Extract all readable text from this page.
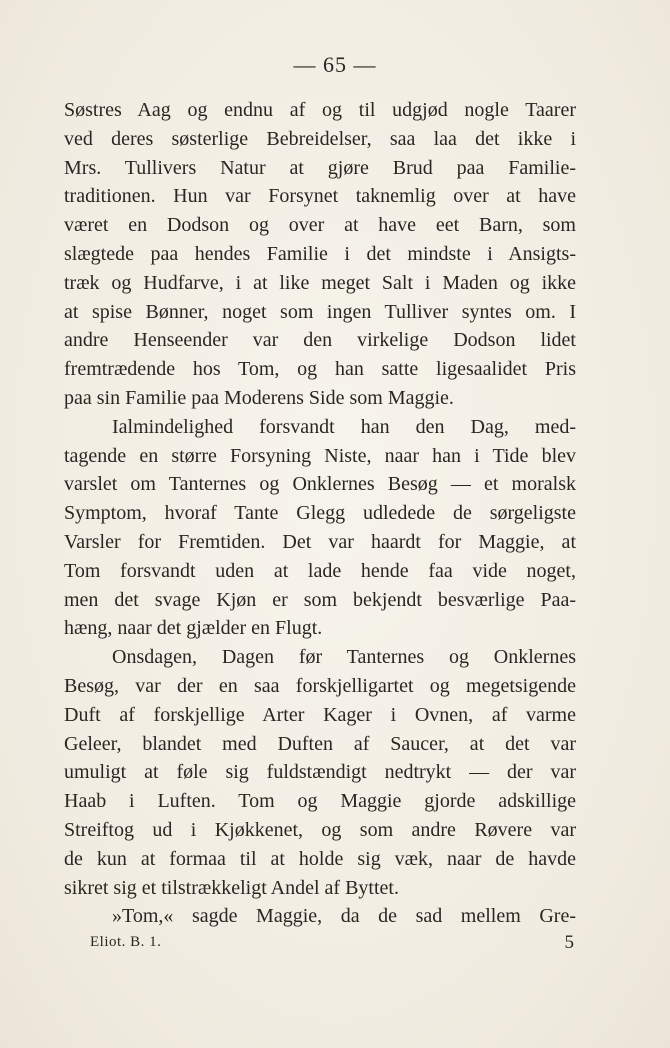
— 65 —
Søstres Aag og endnu af og til udgjød nogle Taarer
ved deres søsterlige Bebreidelser, saa laa det ikke i
Mrs. Tullivers Natur at gjøre Brud paa Familie-
traditionen. Hun var Forsynet taknemlig over at have
været en Dodson og over at have eet Barn, som
slægtede paa hendes Familie i det mindste i Ansigts-
træk og Hudfarve, i at like meget Salt i Maden og ikke
at spise Bønner, noget som ingen Tulliver syntes om. I
andre Henseender var den virkelige Dodson lidet
fremtrædende hos Tom, og han satte ligesaalidet Pris
paa sin Familie paa Moderens Side som Maggie.
Ialmindelighed forsvandt han den Dag, med-
tagende en større Forsyning Niste, naar han i Tide blev
varslet om Tanternes og Onklernes Besøg — et moralsk
Symptom, hvoraf Tante Glegg udledede de sørgeligste
Varsler for Fremtiden. Det var haardt for Maggie, at
Tom forsvandt uden at lade hende faa vide noget,
men det svage Kjøn er som bekjendt besværlige Paa-
hæng, naar det gjælder en Flugt.
Onsdagen, Dagen før Tanternes og Onklernes
Besøg, var der en saa forskjelligartet og megetsigende
Duft af forskjellige Arter Kager i Ovnen, af varme
Geleer, blandet med Duften af Saucer, at det var
umuligt at føle sig fuldstændigt nedtrykt — der var
Haab i Luften. Tom og Maggie gjorde adskillige
Streiftog ud i Kjøkkenet, og som andre Røvere var
de kun at formaa til at holde sig væk, naar de havde
sikret sig et tilstrækkeligt Andel af Byttet.
»Tom,« sagde Maggie, da de sad mellem Gre-
Eliot. B. 1.	5
